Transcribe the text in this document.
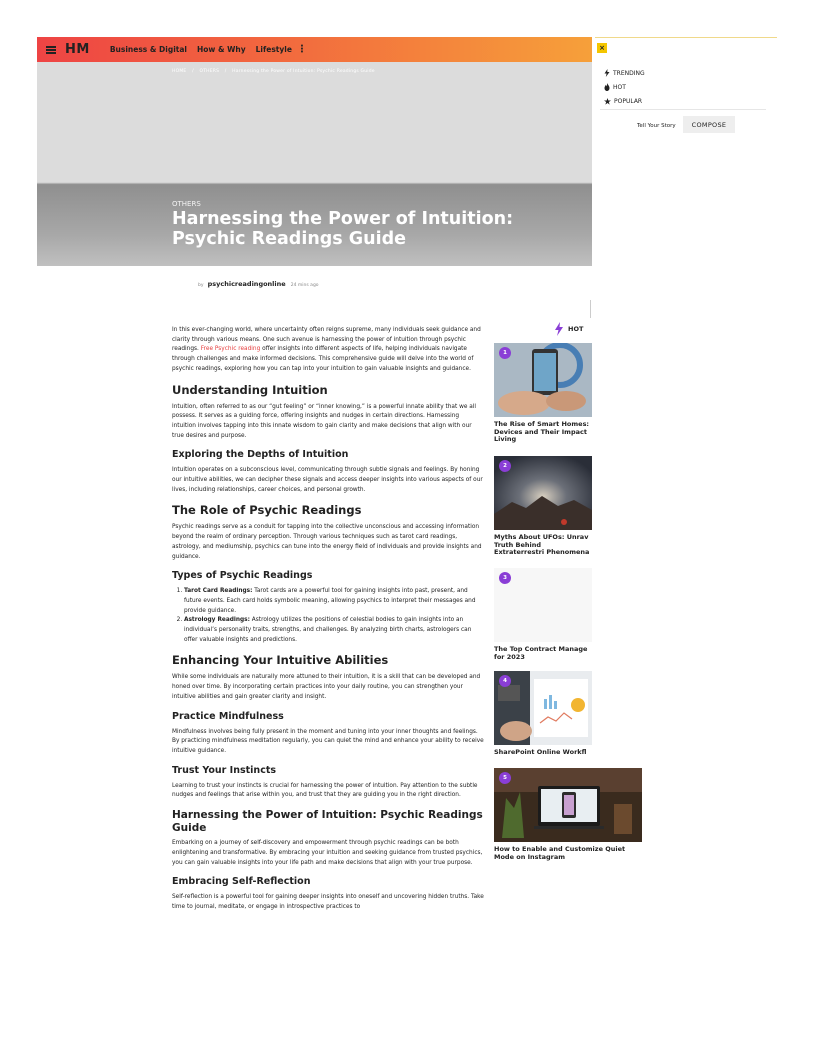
HM	Business & Digital How & Why Lifestyle ⋮
HOME / OTHERS / Harnessing the Power of Intuition: Psychic Readings Guide
OTHERS
Harnessing the Power of Intuition: Psychic Readings Guide
by psychicreadingonline 24 mins ago

In this ever-changing world, where uncertainty often reigns supreme, many individuals seek guidance and clarity through various means. One such avenue is harnessing the power of intuition through psychic readings. Free Psychic reading offer insights into different aspects of life, helping individuals navigate through challenges and make informed decisions. This comprehensive guide will delve into the world of psychic readings, exploring how you can tap into your intuition to gain valuable insights and guidance.

Understanding Intuition

Intuition, often referred to as our “gut feeling” or “inner knowing,” is a powerful innate ability that we all possess. It serves as a guiding force, offering insights and nudges in certain directions. Harnessing intuition involves tapping into this innate wisdom to gain clarity and make decisions that align with our true desires and purpose.

Exploring the Depths of Intuition

Intuition operates on a subconscious level, communicating through subtle signals and feelings. By honing our intuitive abilities, we can decipher these signals and access deeper insights into various aspects of our lives, including relationships, career choices, and personal growth.

The Role of Psychic Readings

Psychic readings serve as a conduit for tapping into the collective unconscious and accessing information beyond the realm of ordinary perception. Through various techniques such as tarot card readings, astrology, and mediumship, psychics can tune into the energy field of individuals and provide insights and guidance.

Types of Psychic Readings
1. Tarot Card Readings: Tarot cards are a powerful tool for gaining insights into past, present, and future events. Each card holds symbolic meaning, allowing psychics to interpret their messages and provide guidance.
2. Astrology Readings: Astrology utilizes the positions of celestial bodies to gain insights into an individual’s personality traits, strengths, and challenges. By analyzing birth charts, astrologers can offer valuable insights and predictions.
Enhancing Your Intuitive Abilities

While some individuals are naturally more attuned to their intuition, it is a skill that can be developed and honed over time. By incorporating certain practices into your daily routine, you can strengthen your intuitive abilities and gain greater clarity and insight.

Practice Mindfulness

Mindfulness involves being fully present in the moment and tuning into your inner thoughts and feelings. By practicing mindfulness meditation regularly, you can quiet the mind and enhance your ability to receive intuitive guidance.

Trust Your Instincts

Learning to trust your instincts is crucial for harnessing the power of intuition. Pay attention to the subtle nudges and feelings that arise within you, and trust that they are guiding you in the right direction.

Harnessing the Power of Intuition: Psychic Readings Guide

Embarking on a journey of self-discovery and empowerment through psychic readings can be both enlightening and transformative. By embracing your intuition and seeking guidance from trusted psychics, you can gain valuable insights into your life path and make decisions that align with your true purpose.

Embracing Self-Reflection

Self-reflection is a powerful tool for gaining deeper insights into oneself and uncovering hidden truths. Take time to journal, meditate, or engage in introspective practices to

HOT
1
The Rise of Smart Homes: Devices and Their Impact Living
2
Myths About UFOs: Unrav Truth Behind Extraterrestri Phenomena
3
The Top Contract Manage for 2023
4
SharePoint Online Workfl
5
How to Enable and Customize Quiet Mode on Instagram
×
TRENDING
HOT
POPULAR
Tell Your Story	COMPOSE
